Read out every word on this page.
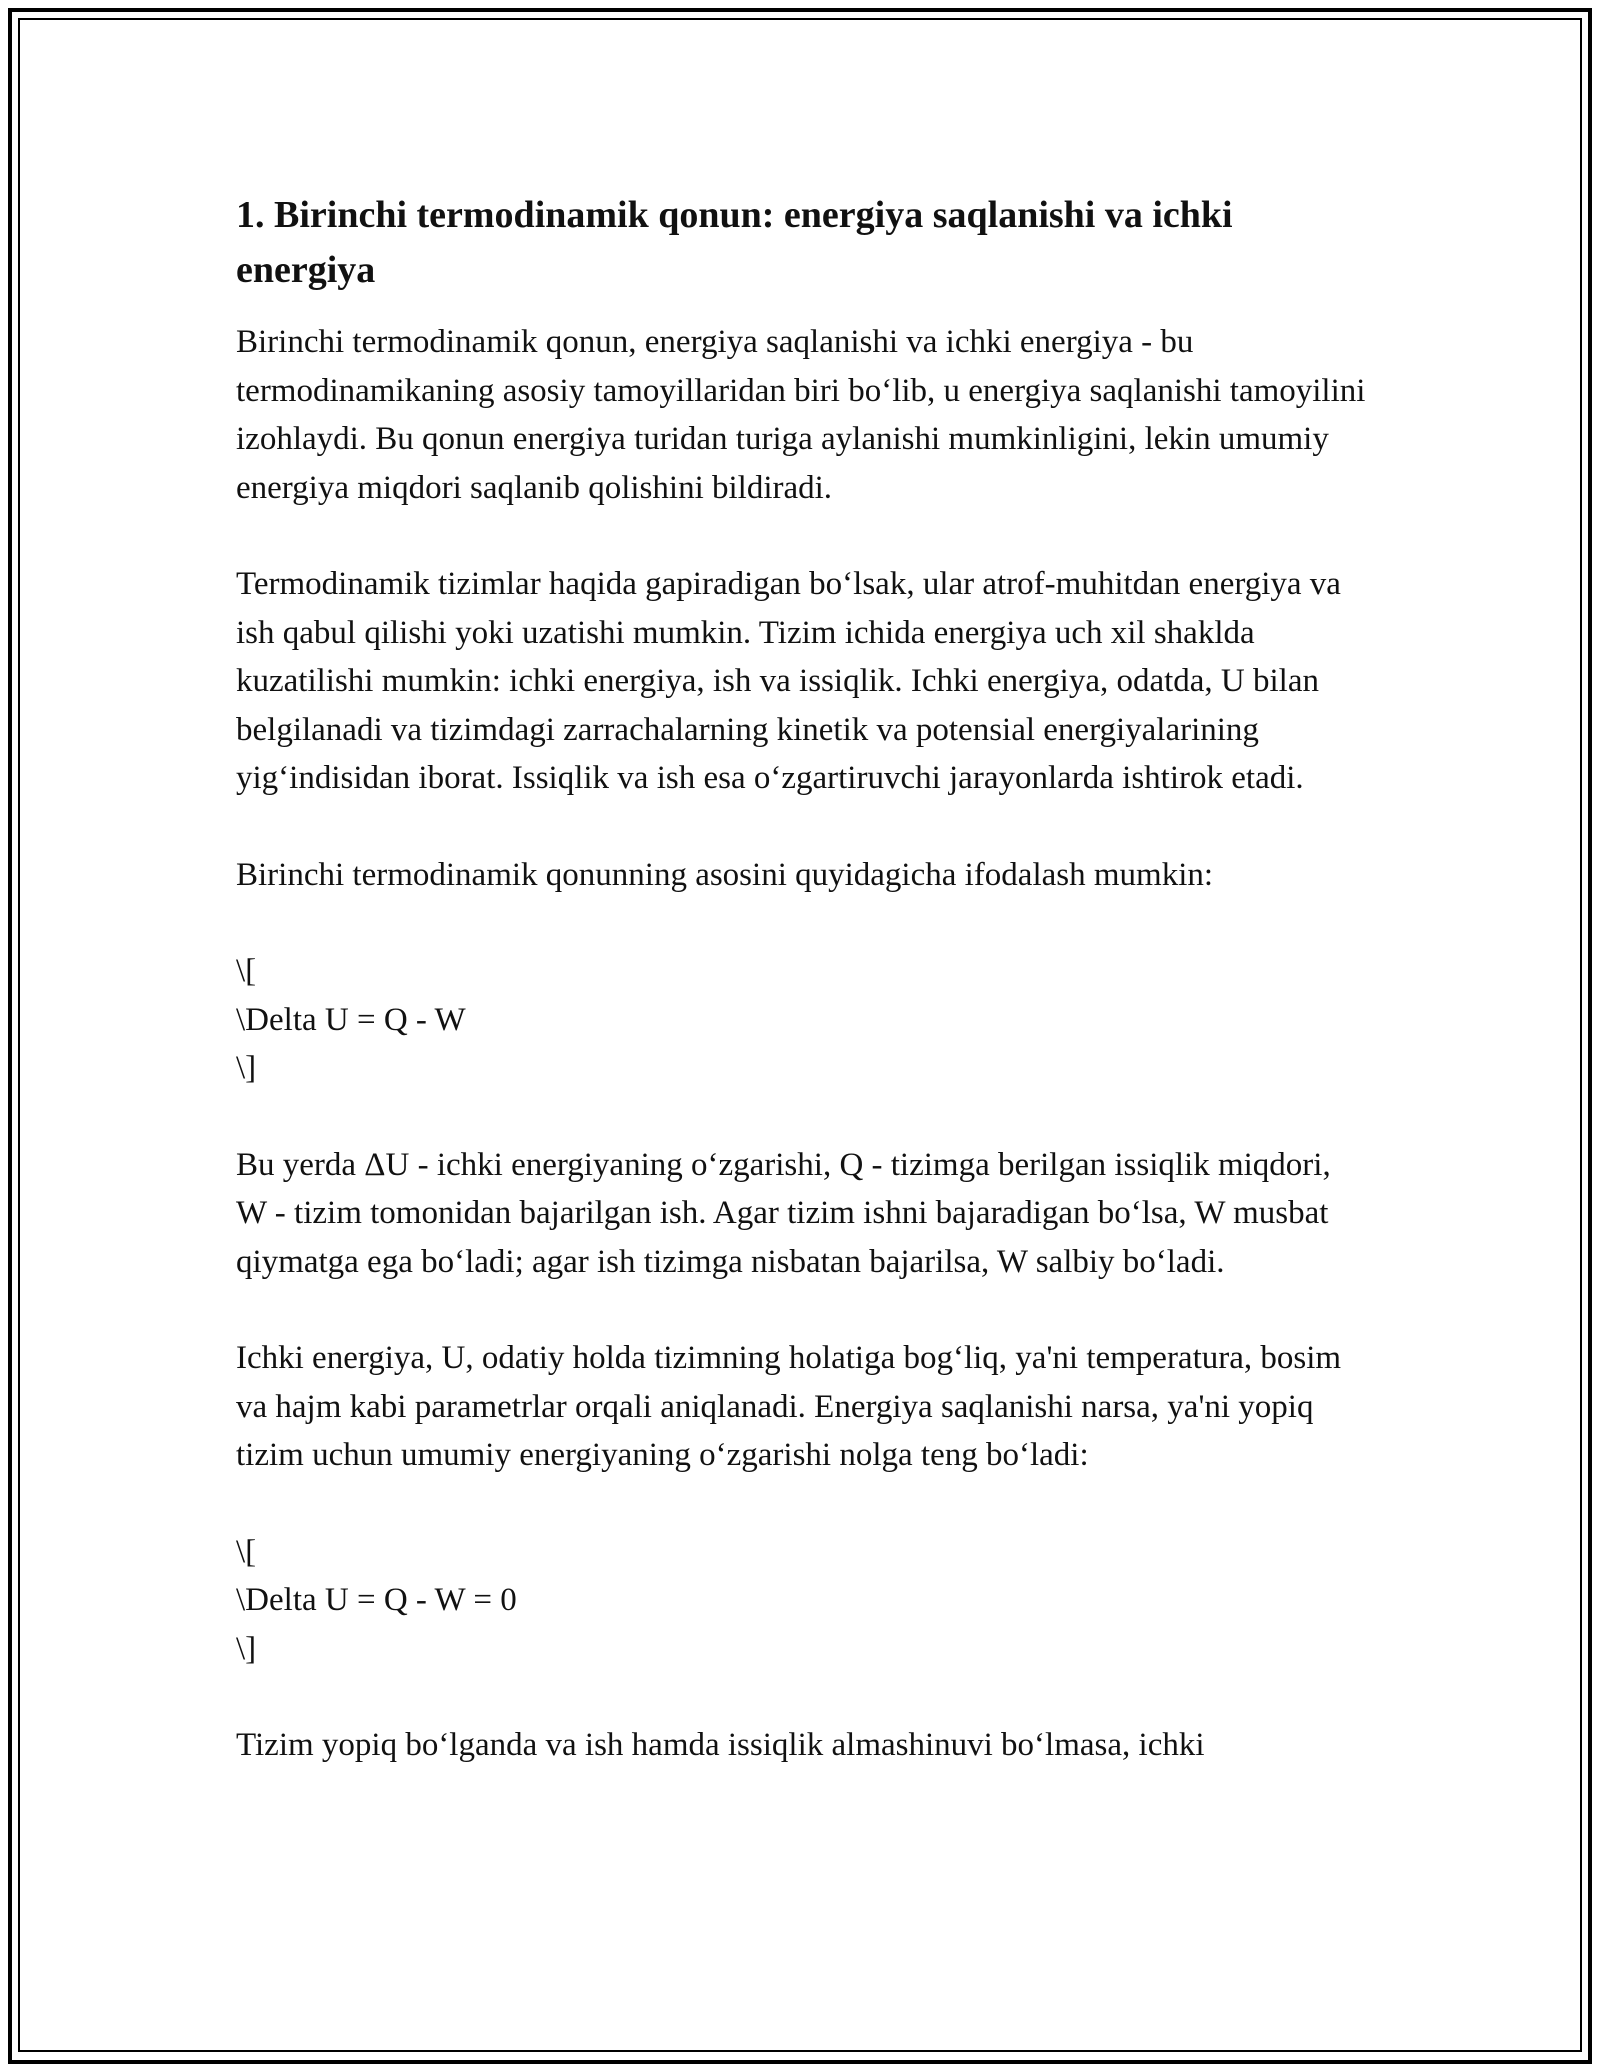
1. Birinchi termodinamik qonun: energiya saqlanishi va ichki energiya

Birinchi termodinamik qonun, energiya saqlanishi va ichki energiya - bu termodinamikaning asosiy tamoyillaridan biri bo‘lib, u energiya saqlanishi tamoyilini izohlaydi. Bu qonun energiya turidan turiga aylanishi mumkinligini, lekin umumiy energiya miqdori saqlanib qolishini bildiradi.

Termodinamik tizimlar haqida gapiradigan bo‘lsak, ular atrof-muhitdan energiya va ish qabul qilishi yoki uzatishi mumkin. Tizim ichida energiya uch xil shaklda kuzatilishi mumkin: ichki energiya, ish va issiqlik. Ichki energiya, odatda, U bilan belgilanadi va tizimdagi zarrachalarning kinetik va potensial energiyalarining yig‘indisidan iborat. Issiqlik va ish esa o‘zgartiruvchi jarayonlarda ishtirok etadi.

Birinchi termodinamik qonunning asosini quyidagicha ifodalash mumkin:

\[
\Delta U = Q - W
\]

Bu yerda ΔU - ichki energiyaning o‘zgarishi, Q - tizimga berilgan issiqlik miqdori, W - tizim tomonidan bajarilgan ish. Agar tizim ishni bajaradigan bo‘lsa, W musbat qiymatga ega bo‘ladi; agar ish tizimga nisbatan bajarilsa, W salbiy bo‘ladi.

Ichki energiya, U, odatiy holda tizimning holatiga bog‘liq, ya'ni temperatura, bosim va hajm kabi parametrlar orqali aniqlanadi. Energiya saqlanishi narsa, ya'ni yopiq tizim uchun umumiy energiyaning o‘zgarishi nolga teng bo‘ladi:

\[
\Delta U = Q - W = 0
\]

Tizim yopiq bo‘lganda va ish hamda issiqlik almashinuvi bo‘lmasa, ichki
